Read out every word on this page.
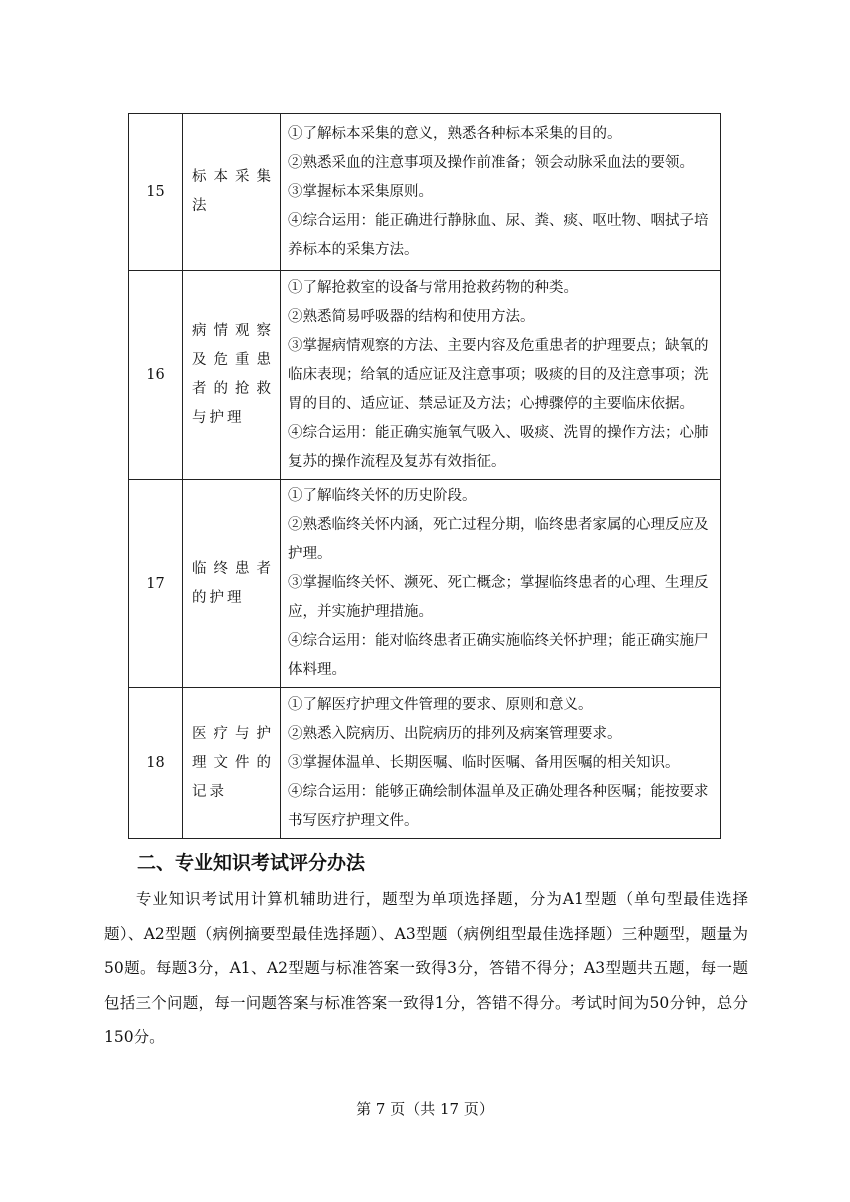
15	标本采集法	①了解标本采集的意义，熟悉各种标本采集的目的。
②熟悉采血的注意事项及操作前准备；领会动脉采血法的要领。
③掌握标本采集原则。
④综合运用：能正确进行静脉血、尿、粪、痰、呕吐物、咽拭子培养标本的采集方法。

16	病情观察及危重患者的抢救与护理	①了解抢救室的设备与常用抢救药物的种类。
②熟悉简易呼吸器的结构和使用方法。
③掌握病情观察的方法、主要内容及危重患者的护理要点；缺氧的临床表现；给氧的适应证及注意事项；吸痰的目的及注意事项；洗胃的目的、适应证、禁忌证及方法；心搏骤停的主要临床依据。
④综合运用：能正确实施氧气吸入、吸痰、洗胃的操作方法；心肺复苏的操作流程及复苏有效指征。

17	临终患者的护理	①了解临终关怀的历史阶段。
②熟悉临终关怀内涵，死亡过程分期，临终患者家属的心理反应及护理。
③掌握临终关怀、濒死、死亡概念；掌握临终患者的心理、生理反应，并实施护理措施。
④综合运用：能对临终患者正确实施临终关怀护理；能正确实施尸体料理。

18	医疗与护理文件的记录	①了解医疗护理文件管理的要求、原则和意义。
②熟悉入院病历、出院病历的排列及病案管理要求。
③掌握体温单、长期医嘱、临时医嘱、备用医嘱的相关知识。
④综合运用：能够正确绘制体温单及正确处理各种医嘱；能按要求书写医疗护理文件。
二、专业知识考试评分办法

专业知识考试用计算机辅助进行，题型为单项选择题，分为A1型题（单句型最佳选择题）、A2型题（病例摘要型最佳选择题）、A3型题（病例组型最佳选择题）三种题型，题量为50题。每题3分，A1、A2型题与标准答案一致得3分，答错不得分；A3型题共五题，每一题包括三个问题，每一问题答案与标准答案一致得1分，答错不得分。考试时间为50分钟，总分150分。

第 7 页（共 17 页）
